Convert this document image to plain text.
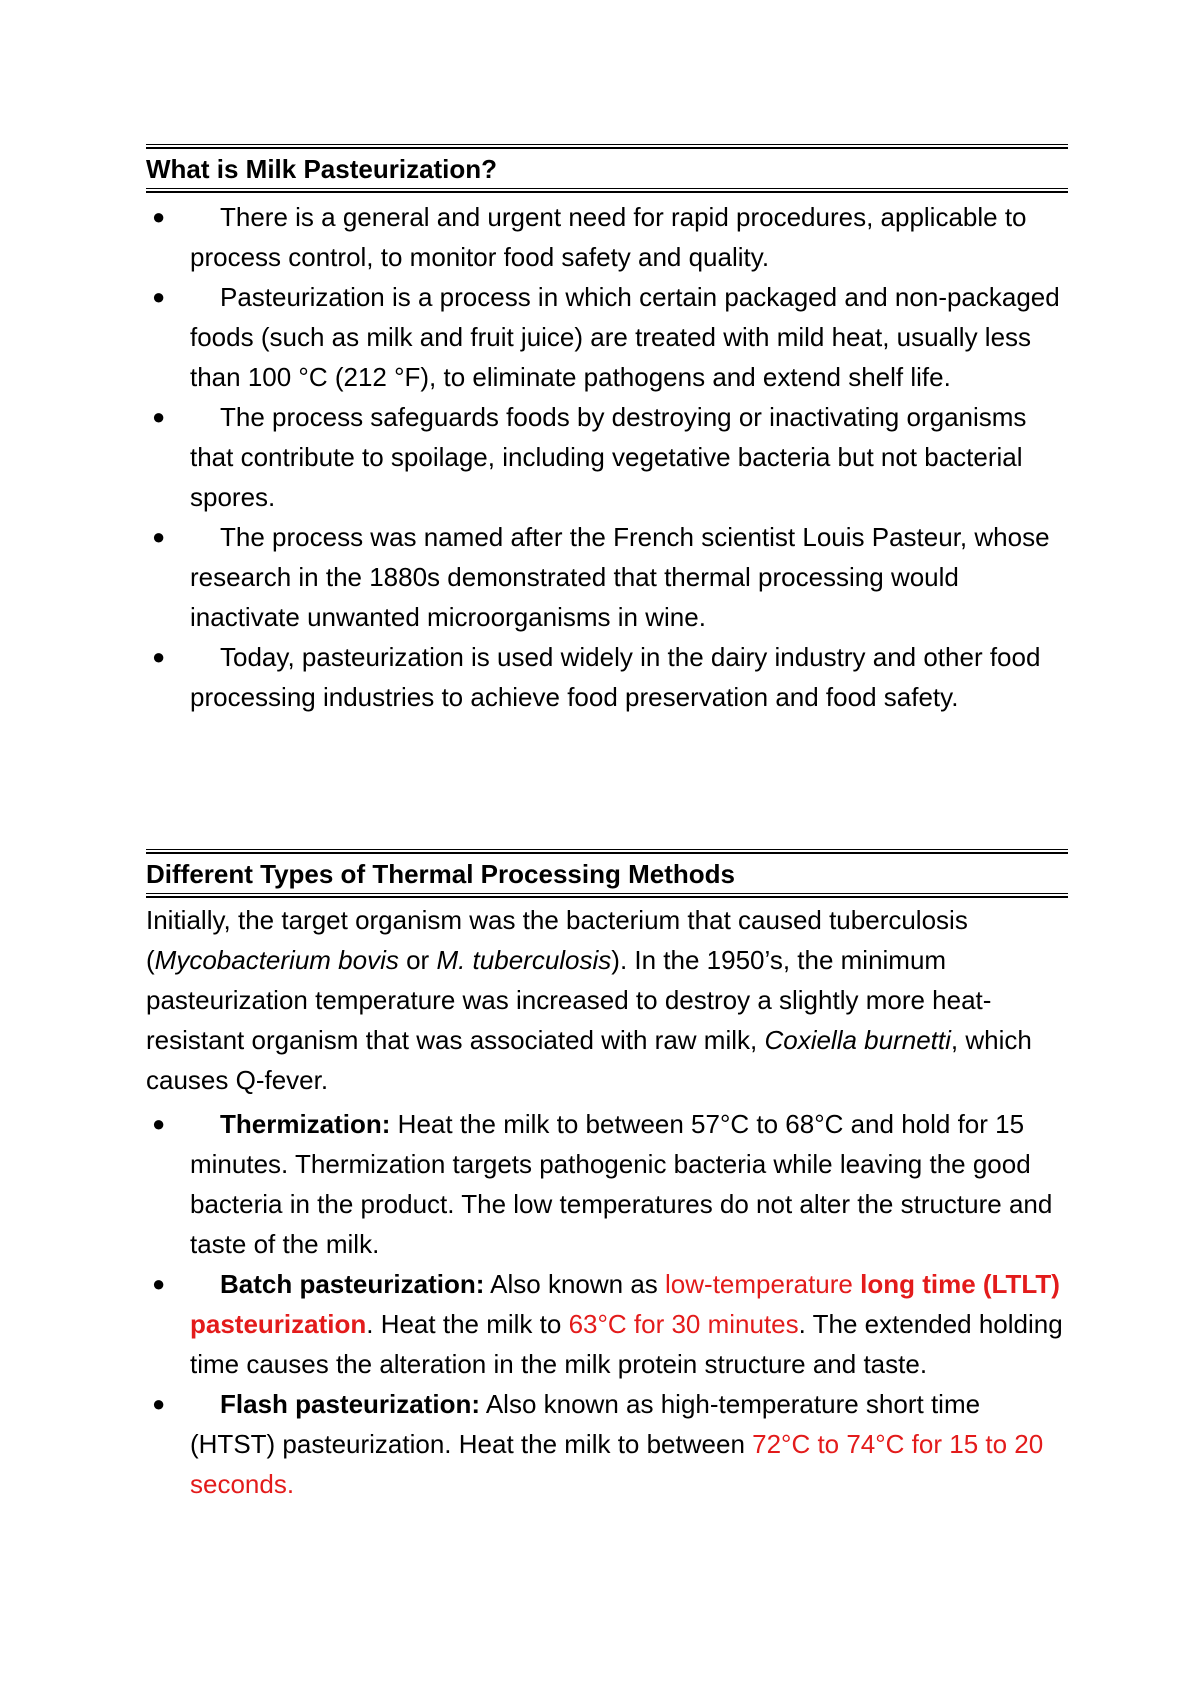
What is Milk Pasteurization?
● There is a general and urgent need for rapid procedures, applicable to process control, to monitor food safety and quality.
● Pasteurization is a process in which certain packaged and non-packaged foods (such as milk and fruit juice) are treated with mild heat, usually less than 100 °C (212 °F), to eliminate pathogens and extend shelf life.
● The process safeguards foods by destroying or inactivating organisms that contribute to spoilage, including vegetative bacteria but not bacterial spores.
● The process was named after the French scientist Louis Pasteur, whose research in the 1880s demonstrated that thermal processing would inactivate unwanted microorganisms in wine.
● Today, pasteurization is used widely in the dairy industry and other food processing industries to achieve food preservation and food safety.
Different Types of Thermal Processing Methods

Initially, the target organism was the bacterium that caused tuberculosis (Mycobacterium bovis or M. tuberculosis). In the 1950’s, the minimum pasteurization temperature was increased to destroy a slightly more heat-resistant organism that was associated with raw milk, Coxiella burnetti, which causes Q-fever.

● Thermization: Heat the milk to between 57°C to 68°C and hold for 15 minutes. Thermization targets pathogenic bacteria while leaving the good bacteria in the product. The low temperatures do not alter the structure and taste of the milk.
● Batch pasteurization: Also known as low-temperature long time (LTLT) pasteurization. Heat the milk to 63°C for 30 minutes. The extended holding time causes the alteration in the milk protein structure and taste.
● Flash pasteurization: Also known as high-temperature short time (HTST) pasteurization. Heat the milk to between 72°C to 74°C for 15 to 20 seconds.
